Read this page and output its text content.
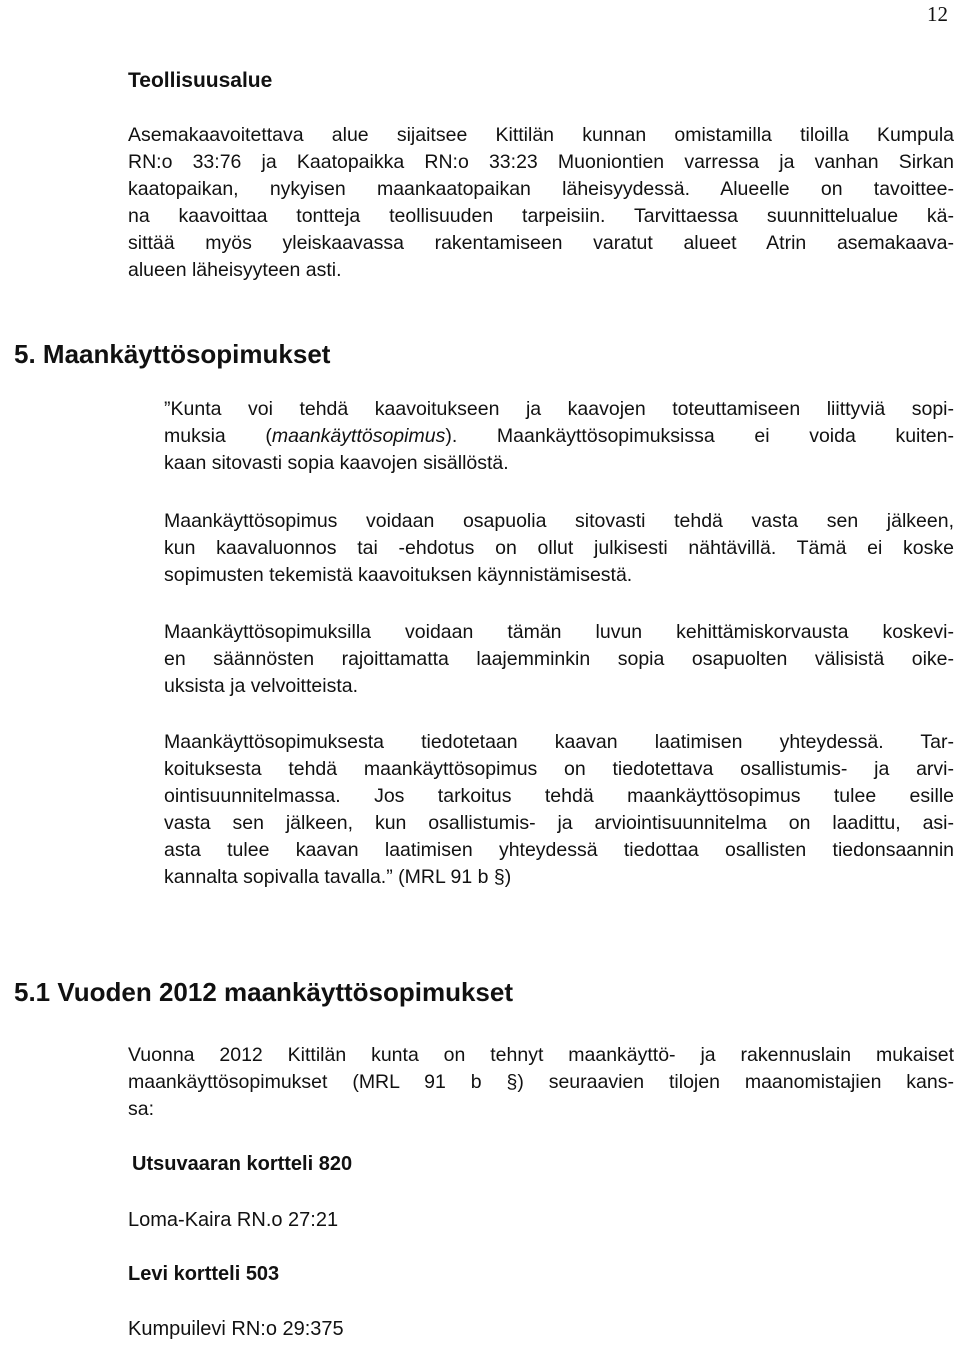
12
Teollisuusalue
Asemakaavoitettava alue sijaitsee Kittilän kunnan omistamilla tiloilla Kumpula
RN:o 33:76 ja Kaatopaikka RN:o 33:23 Muoniontien varressa ja vanhan Sirkan
kaatopaikan, nykyisen maankaatopaikan läheisyydessä. Alueelle on tavoittee-
na kaavoittaa tontteja teollisuuden tarpeisiin. Tarvittaessa suunnittelualue kä-
sittää myös yleiskaavassa rakentamiseen varatut alueet Atrin asemakaava-
alueen läheisyyteen asti.
5. Maankäyttösopimukset
”Kunta voi tehdä kaavoitukseen ja kaavojen toteuttamiseen liittyviä sopi-
muksia (maankäyttösopimus). Maankäyttösopimuksissa ei voida kuiten-
kaan sitovasti sopia kaavojen sisällöstä.
Maankäyttösopimus voidaan osapuolia sitovasti tehdä vasta sen jälkeen,
kun kaavaluonnos tai -ehdotus on ollut julkisesti nähtävillä. Tämä ei koske
sopimusten tekemistä kaavoituksen käynnistämisestä.
Maankäyttösopimuksilla voidaan tämän luvun kehittämiskorvausta koskevi-
en säännösten rajoittamatta laajemminkin sopia osapuolten välisistä oike-
uksista ja velvoitteista.
Maankäyttösopimuksesta tiedotetaan kaavan laatimisen yhteydessä. Tar-
koituksesta tehdä maankäyttösopimus on tiedotettava osallistumis- ja arvi-
ointisuunnitelmassa. Jos tarkoitus tehdä maankäyttösopimus tulee esille
vasta sen jälkeen, kun osallistumis- ja arviointisuunnitelma on laadittu, asi-
asta tulee kaavan laatimisen yhteydessä tiedottaa osallisten tiedonsaannin
kannalta sopivalla tavalla.” (MRL 91 b §)
5.1 Vuoden 2012 maankäyttösopimukset
Vuonna 2012 Kittilän kunta on tehnyt maankäyttö- ja rakennuslain mukaiset
maankäyttösopimukset (MRL 91 b §) seuraavien tilojen maanomistajien kans-
sa:
Utsuvaaran kortteli 820
Loma-Kaira RN.o 27:21
Levi kortteli 503
Kumpuilevi RN:o 29:375
